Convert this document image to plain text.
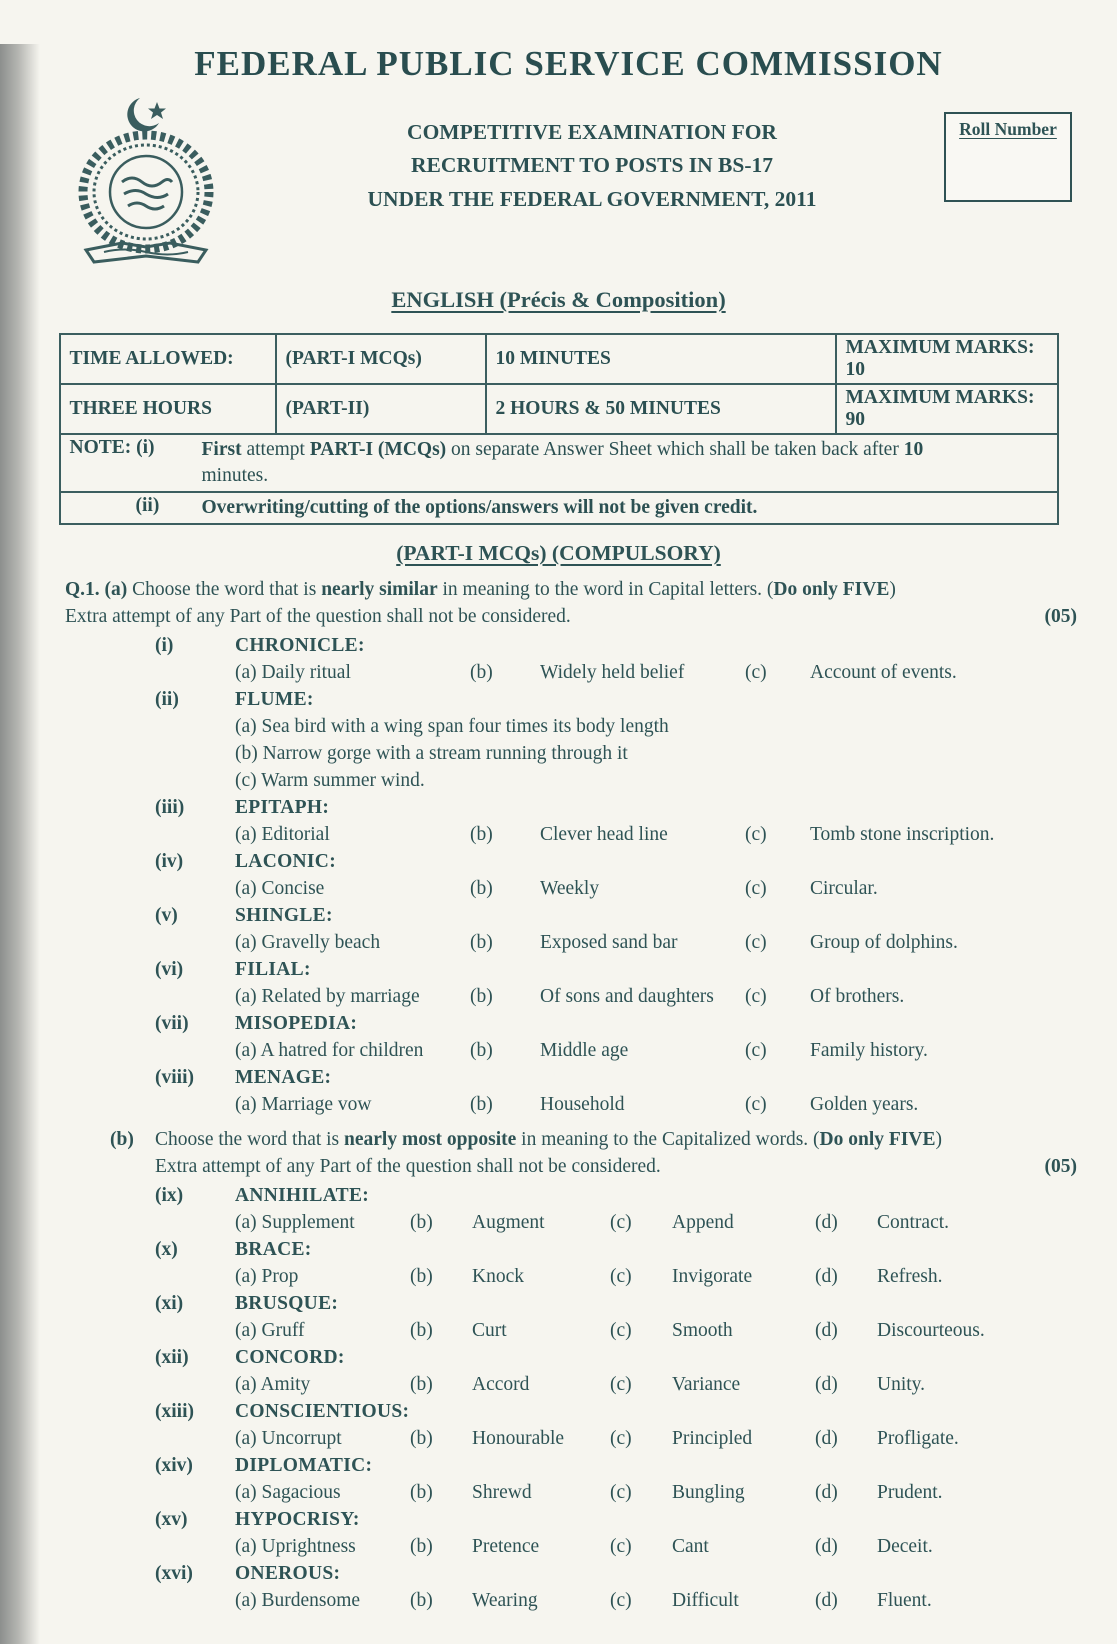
FEDERAL PUBLIC SERVICE COMMISSION
COMPETITIVE EXAMINATION FOR
RECRUITMENT TO POSTS IN BS-17
UNDER THE FEDERAL GOVERNMENT, 2011
Roll Number
ENGLISH (Précis & Composition)
TIME ALLOWED:	(PART-I MCQs)	10 MINUTES	MAXIMUM MARKS: 10
THREE HOURS	(PART-II)	2 HOURS & 50 MINUTES	MAXIMUM MARKS: 90

NOTE: (i) First attempt PART-I (MCQs) on separate Answer Sheet which shall be taken back after 10
minutes.			

(ii) Overwriting/cutting of the options/answers will not be given credit.			
(PART-I MCQs) (COMPULSORY)
Q.1. (a) Choose the word that is nearly similar in meaning to the word in Capital letters. (Do only FIVE)
Extra attempt of any Part of the question shall not be considered.	(05)
(i)	CHRONICLE:
(a) Daily ritual	(b)	Widely held belief	(c)	Account of events.
(ii)	FLUME:
(a) Sea bird with a wing span four times its body length
(b) Narrow gorge with a stream running through it
(c) Warm summer wind.
(iii)	EPITAPH:
(a) Editorial	(b)	Clever head line	(c)	Tomb stone inscription.
(iv)	LACONIC:
(a) Concise	(b)	Weekly	(c)	Circular.
(v)	SHINGLE:
(a) Gravelly beach	(b)	Exposed sand bar	(c)	Group of dolphins.
(vi)	FILIAL:
(a) Related by marriage	(b)	Of sons and daughters	(c)	Of brothers.
(vii)	MISOPEDIA:
(a) A hatred for children	(b)	Middle age	(c)	Family history.
(viii)	MENAGE:
(a) Marriage vow	(b)	Household	(c)	Golden years.
(b)	Choose the word that is nearly most opposite in meaning to the Capitalized words. (Do only FIVE)
Extra attempt of any Part of the question shall not be considered.	(05)
(ix)	ANNIHILATE:
(a) Supplement	(b)	Augment	(c)	Append	(d)	Contract.
(x)	BRACE:
(a) Prop	(b)	Knock	(c)	Invigorate	(d)	Refresh.
(xi)	BRUSQUE:
(a) Gruff	(b)	Curt	(c)	Smooth	(d)	Discourteous.
(xii)	CONCORD:
(a) Amity	(b)	Accord	(c)	Variance	(d)	Unity.
(xiii)	CONSCIENTIOUS:
(a) Uncorrupt	(b)	Honourable	(c)	Principled	(d)	Profligate.
(xiv)	DIPLOMATIC:
(a) Sagacious	(b)	Shrewd	(c)	Bungling	(d)	Prudent.
(xv)	HYPOCRISY:
(a) Uprightness	(b)	Pretence	(c)	Cant	(d)	Deceit.
(xvi)	ONEROUS:
(a) Burdensome	(b)	Wearing	(c)	Difficult	(d)	Fluent.
